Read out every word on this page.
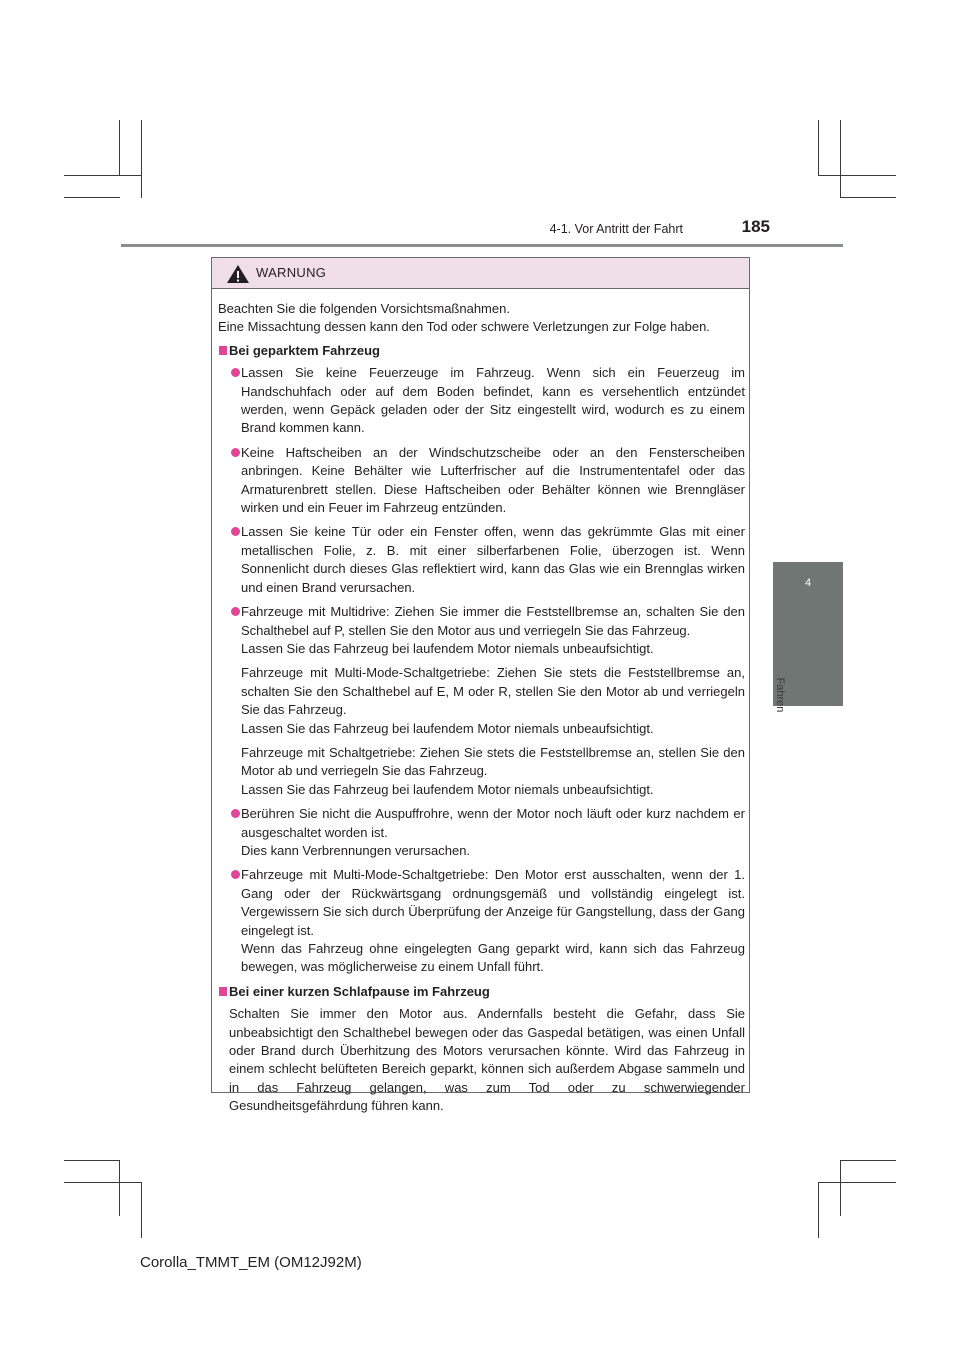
4-1. Vor Antritt der Fahrt	185
4
Fahren
WARNUNG
Beachten Sie die folgenden Vorsichtsmaßnahmen.
Eine Missachtung dessen kann den Tod oder schwere Verletzungen zur Folge haben.
Bei geparktem Fahrzeug
Lassen Sie keine Feuerzeuge im Fahrzeug. Wenn sich ein Feuerzeug im Handschuhfach oder auf dem Boden befindet, kann es versehentlich entzündet werden, wenn Gepäck geladen oder der Sitz eingestellt wird, wodurch es zu einem Brand kommen kann.
Keine Haftscheiben an der Windschutzscheibe oder an den Fensterscheiben anbringen. Keine Behälter wie Lufterfrischer auf die Instrumententafel oder das Armaturenbrett stellen. Diese Haftscheiben oder Behälter können wie Brenngläser wirken und ein Feuer im Fahrzeug entzünden.
Lassen Sie keine Tür oder ein Fenster offen, wenn das gekrümmte Glas mit einer metallischen Folie, z. B. mit einer silberfarbenen Folie, überzogen ist. Wenn Sonnenlicht durch dieses Glas reflektiert wird, kann das Glas wie ein Brennglas wirken und einen Brand verursachen.
Fahrzeuge mit Multidrive: Ziehen Sie immer die Feststellbremse an, schalten Sie den Schalthebel auf P, stellen Sie den Motor aus und verriegeln Sie das Fahrzeug.
Lassen Sie das Fahrzeug bei laufendem Motor niemals unbeaufsichtigt.
Fahrzeuge mit Multi-Mode-Schaltgetriebe: Ziehen Sie stets die Feststellbremse an, schalten Sie den Schalthebel auf E, M oder R, stellen Sie den Motor ab und verriegeln Sie das Fahrzeug.
Lassen Sie das Fahrzeug bei laufendem Motor niemals unbeaufsichtigt.
Fahrzeuge mit Schaltgetriebe: Ziehen Sie stets die Feststellbremse an, stellen Sie den Motor ab und verriegeln Sie das Fahrzeug.
Lassen Sie das Fahrzeug bei laufendem Motor niemals unbeaufsichtigt.
Berühren Sie nicht die Auspuffrohre, wenn der Motor noch läuft oder kurz nachdem er ausgeschaltet worden ist.
Dies kann Verbrennungen verursachen.
Fahrzeuge mit Multi-Mode-Schaltgetriebe: Den Motor erst ausschalten, wenn der 1. Gang oder der Rückwärtsgang ordnungsgemäß und vollständig eingelegt ist. Vergewissern Sie sich durch Überprüfung der Anzeige für Gangstellung, dass der Gang eingelegt ist.
Wenn das Fahrzeug ohne eingelegten Gang geparkt wird, kann sich das Fahrzeug bewegen, was möglicherweise zu einem Unfall führt.
Bei einer kurzen Schlafpause im Fahrzeug
Schalten Sie immer den Motor aus. Andernfalls besteht die Gefahr, dass Sie unbeabsichtigt den Schalthebel bewegen oder das Gaspedal betätigen, was einen Unfall oder Brand durch Überhitzung des Motors verursachen könnte. Wird das Fahrzeug in einem schlecht belüfteten Bereich geparkt, können sich außerdem Abgase sammeln und in das Fahrzeug gelangen, was zum Tod oder zu schwerwiegender Gesundheitsgefährdung führen kann.
Corolla_TMMT_EM (OM12J92M)
